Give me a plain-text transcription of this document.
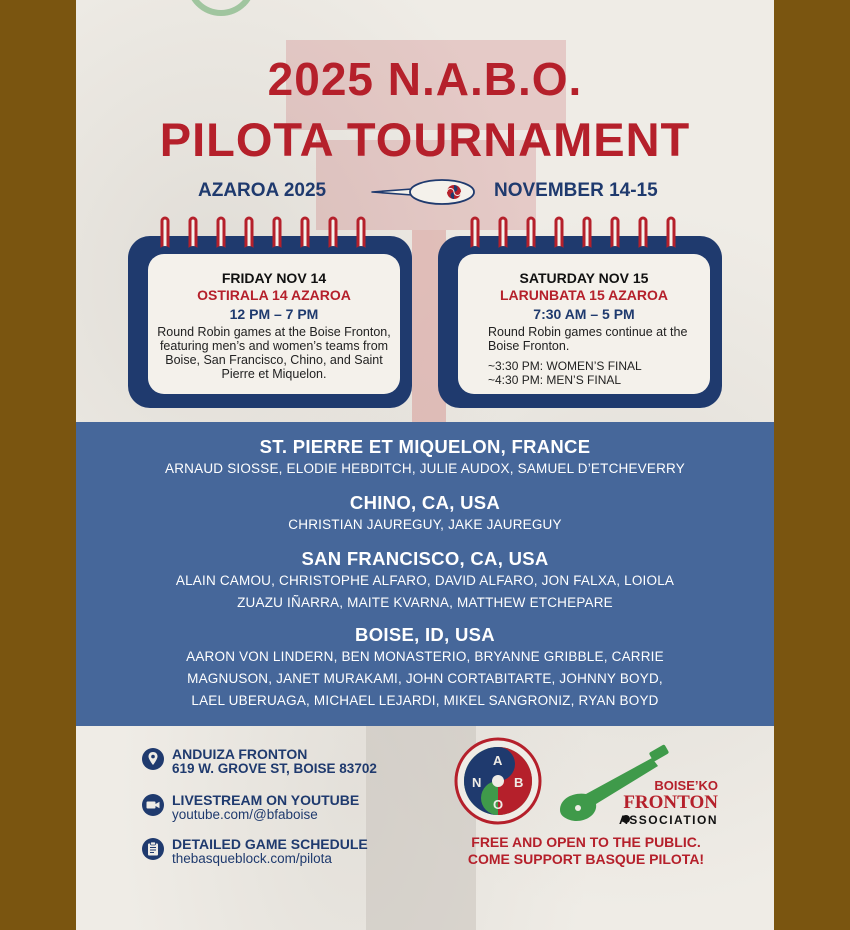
2025 N.A.B.O.
PILOTA TOURNAMENT
AZAROA 2025	NOVEMBER 14-15
FRIDAY NOV 14
OSTIRALA 14 AZAROA
12 PM – 7 PM
Round Robin games at the Boise Fronton, featuring men’s and women’s teams from Boise, San Francisco, Chino, and Saint Pierre et Miquelon.
SATURDAY NOV 15
LARUNBATA 15 AZAROA
7:30 AM – 5 PM
Round Robin games continue at the Boise Fronton.
~3:30 PM: WOMEN’S FINAL
~4:30 PM: MEN’S FINAL
ST. PIERRE ET MIQUELON, FRANCE
ARNAUD SIOSSE, ELODIE HEBDITCH, JULIE AUDOX, SAMUEL D’ETCHEVERRY
CHINO, CA, USA
CHRISTIAN JAUREGUY, JAKE JAUREGUY
SAN FRANCISCO, CA, USA
ALAIN CAMOU, CHRISTOPHE ALFARO, DAVID ALFARO, JON FALXA, LOIOLA
ZUAZU IÑARRA, MAITE KVARNA, MATTHEW ETCHEPARE
BOISE, ID, USA
AARON VON LINDERN, BEN MONASTERIO, BRYANNE GRIBBLE, CARRIE
MAGNUSON, JANET MURAKAMI, JOHN CORTABITARTE, JOHNNY BOYD,
LAEL UBERUAGA, MICHAEL LEJARDI, MIKEL SANGRONIZ, RYAN BOYD
ANDUIZA FRONTON
619 W. GROVE ST, BOISE 83702
LIVESTREAM ON YOUTUBE
youtube.com/@bfaboise
DETAILED GAME SCHEDULE
thebasqueblock.com/pilota
N
A
B
O
BOISE’KO
FRONTON
ASSOCIATION
FREE AND OPEN TO THE PUBLIC.
COME SUPPORT BASQUE PILOTA!
